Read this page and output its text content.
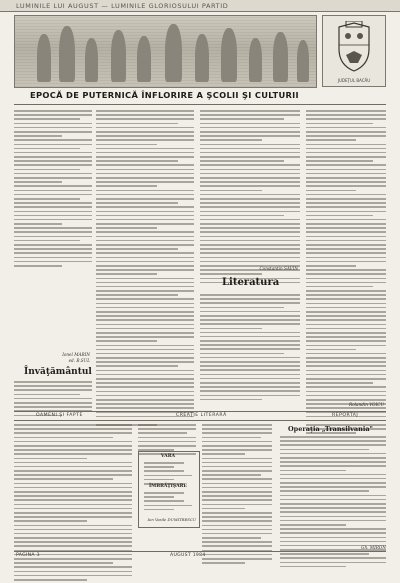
LUMINILE LUI AUGUST — LUMINILE GLORIOSULUI PARTID
JUDEŢUL BACĂU
EPOCĂ DE PUTERNICĂ ÎNFLORIRE A ŞCOLII ŞI CULTURII
Ionel MARIN
ed. B.SUL
Învăţământul
Constantin SAVIN
Literatura
Rolandin VOICU
OAMENI ŞI FAPTE	CREAŢIE LITERARĂ	REPORTAJ
VARA
ÎMBRĂŢIŞARE
Ion Vasile DUMITRESCU
Operaţia „Transilvania"
Gh. MIRON
PAGINA 3	AUGUST 1984
